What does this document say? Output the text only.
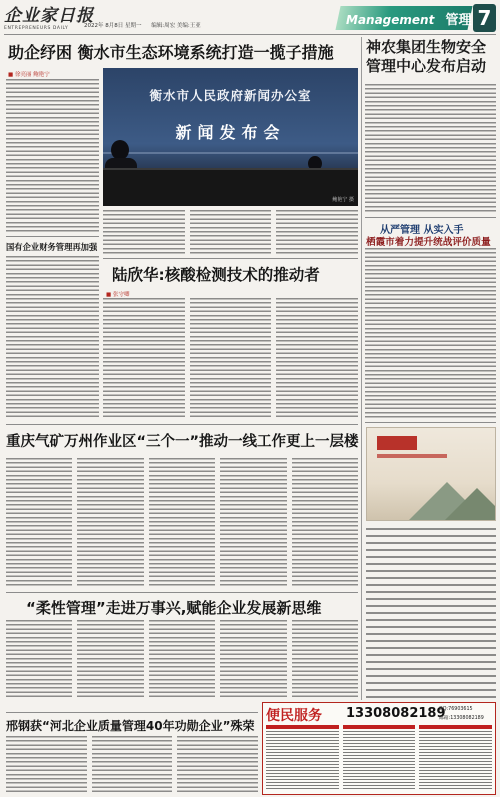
企业家日报
ENTREPRENEURS DAILY	2022年 8月8日 星期一 编辑:周宏 美编:王亚	Management 管理 7
助企纾困 衡水市生态环境系统打造一揽子措施
■ 徐亮丽 鲍艳宁
衡水市人民政府新闻办公室
新闻发布会
鲍艳宁 摄
神农集团生物安全管理中心发布启动
从严管理 从实入手
栖霞市着力提升统战评价质量
国有企业财务管理再加强
陆欣华:核酸检测技术的推动者
■ 张守卿
重庆气矿万州作业区“三个一”推动一线工作更上一层楼
“柔性管理”走进万事兴,赋能企业发展新思维
邢钢获“河北企业质量管理40年功勋企业”殊荣
便民服务 13308082189
QQ:76903615
邮箱:13308082189
